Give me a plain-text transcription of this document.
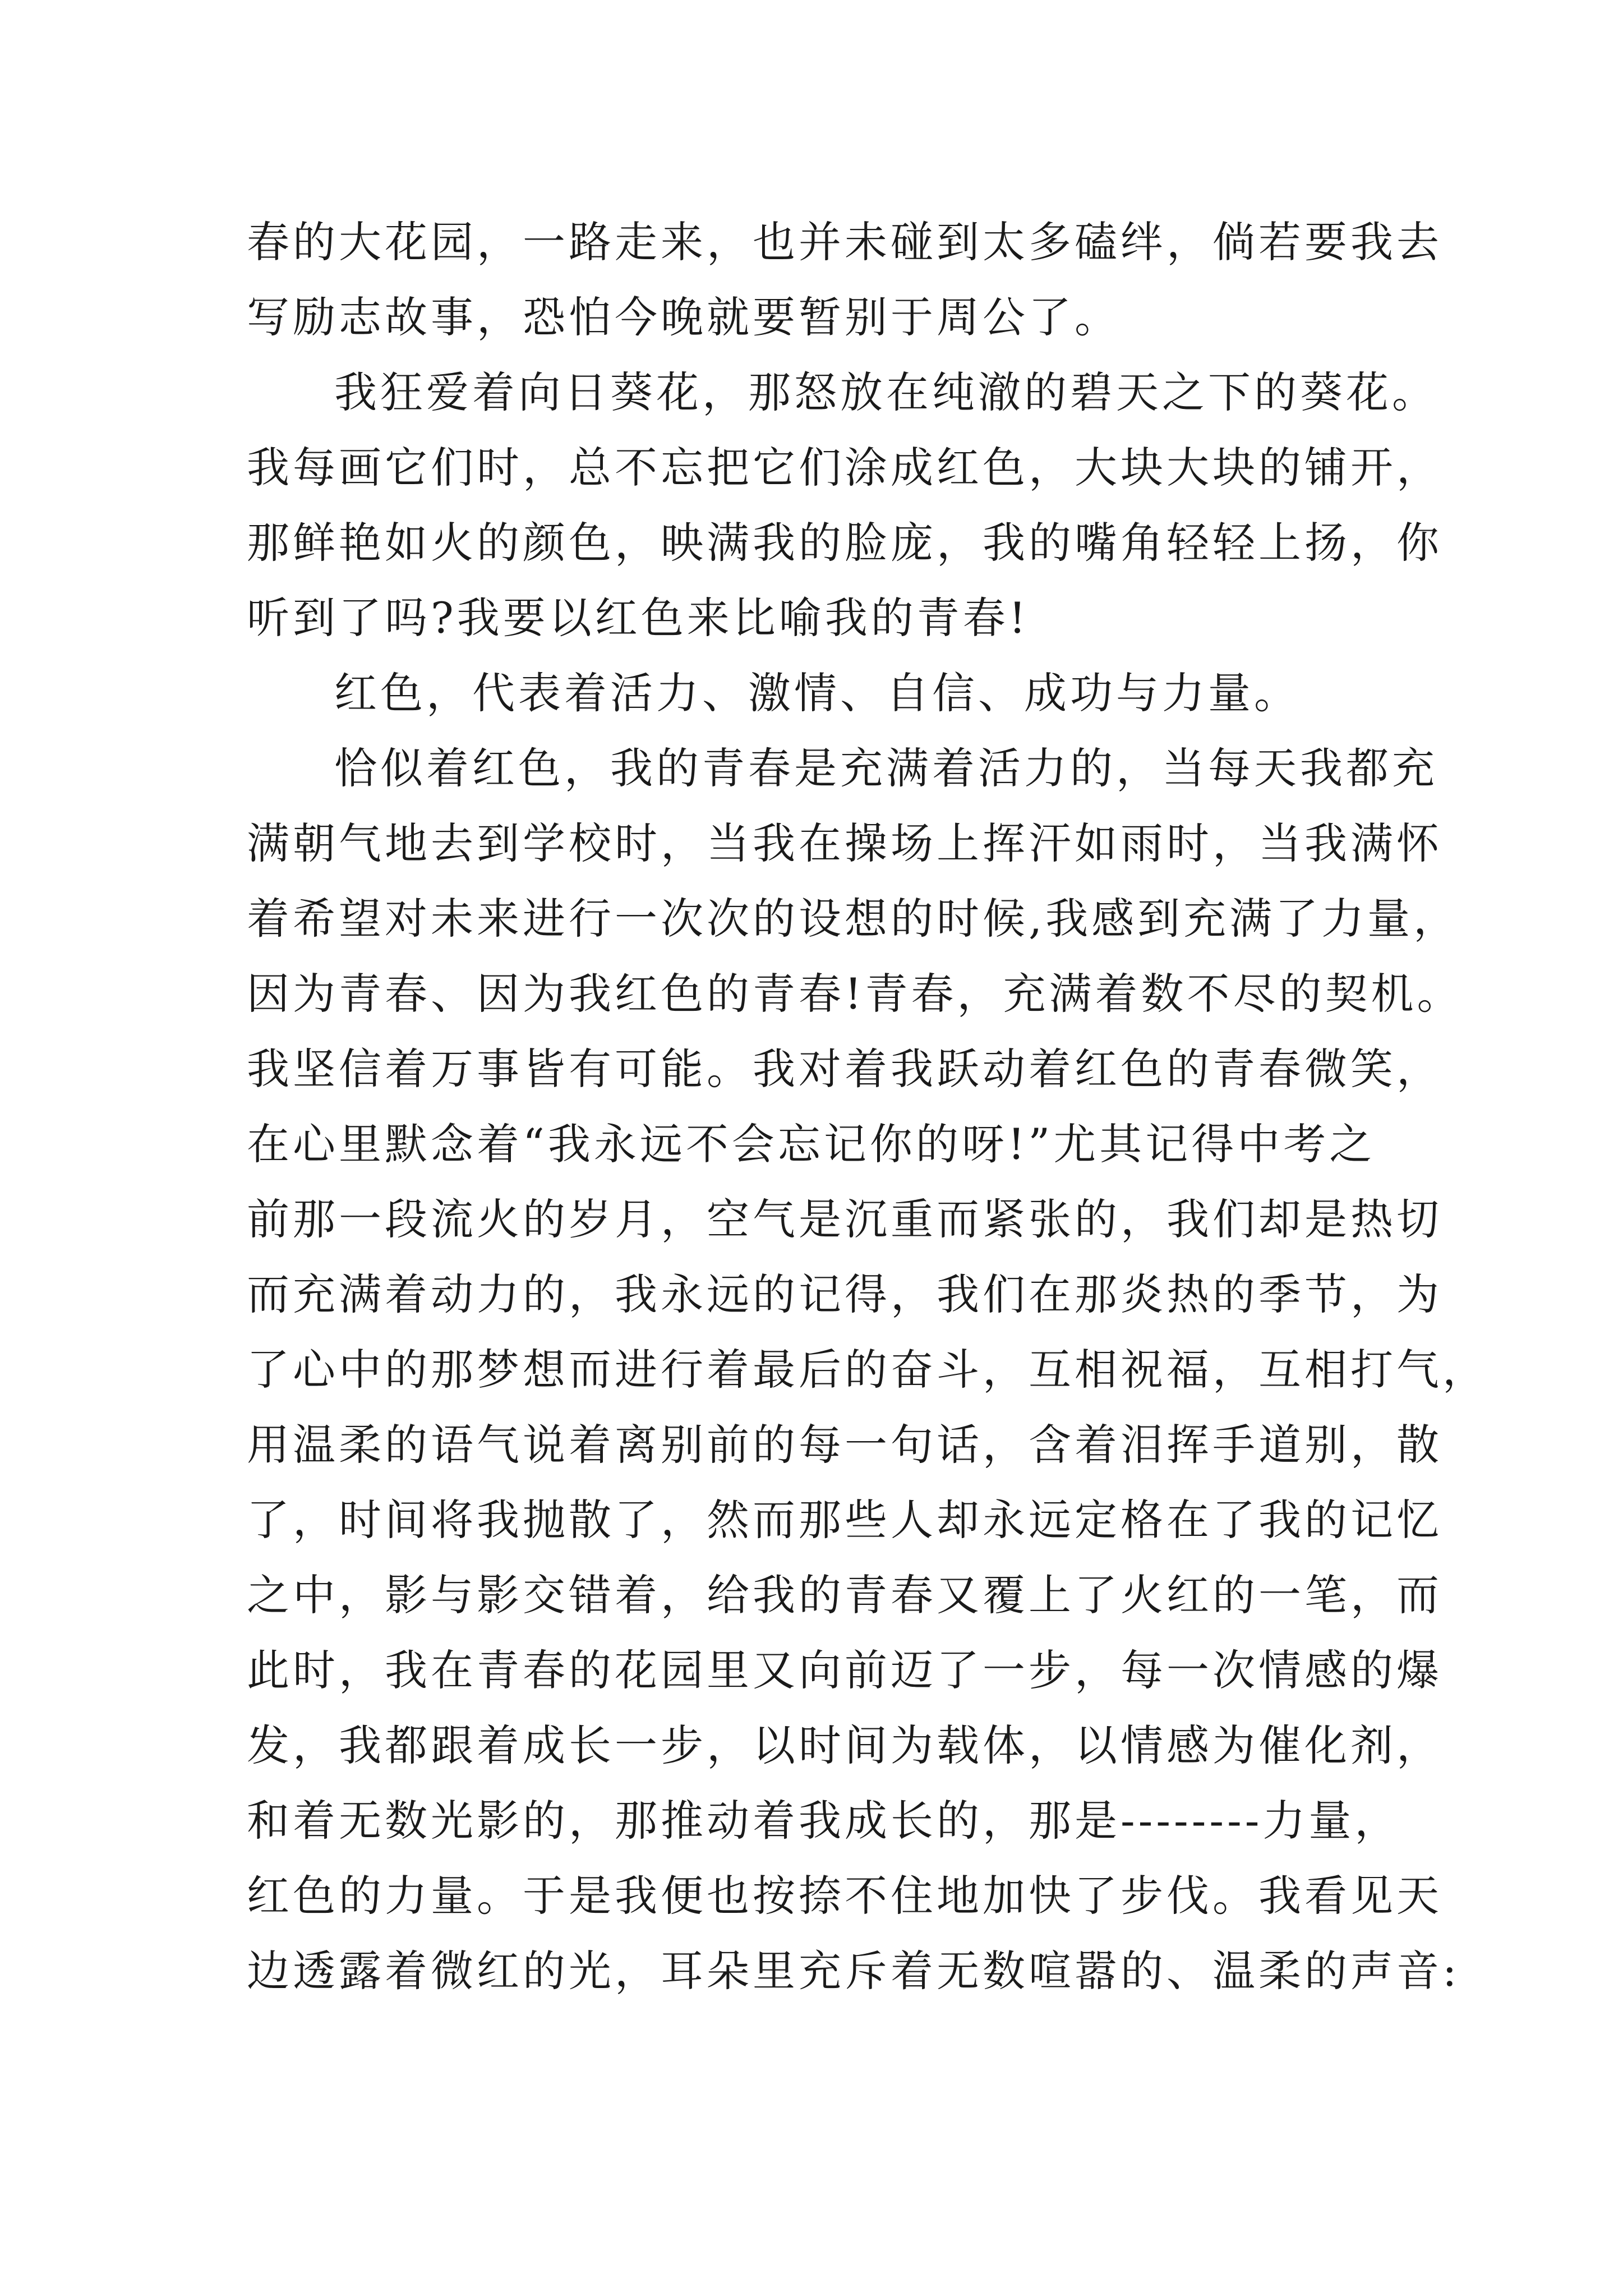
春的大花园，一路走来，也并未碰到太多磕绊，倘若要我去
写励志故事，恐怕今晚就要暂别于周公了。
我狂爱着向日葵花，那怒放在纯澈的碧天之下的葵花。
我每画它们时，总不忘把它们涂成红色，大块大块的铺开，
那鲜艳如火的颜色，映满我的脸庞，我的嘴角轻轻上扬，你
听到了吗?我要以红色来比喻我的青春!
红色，代表着活力、激情、自信、成功与力量。
恰似着红色，我的青春是充满着活力的，当每天我都充
满朝气地去到学校时，当我在操场上挥汗如雨时，当我满怀
着希望对未来进行一次次的设想的时候,我感到充满了力量，
因为青春、因为我红色的青春!青春，充满着数不尽的契机。
我坚信着万事皆有可能。我对着我跃动着红色的青春微笑，
在心里默念着“我永远不会忘记你的呀!”尤其记得中考之
前那一段流火的岁月，空气是沉重而紧张的，我们却是热切
而充满着动力的，我永远的记得，我们在那炎热的季节，为
了心中的那梦想而进行着最后的奋斗，互相祝福，互相打气，
用温柔的语气说着离别前的每一句话，含着泪挥手道别，散
了，时间将我抛散了，然而那些人却永远定格在了我的记忆
之中，影与影交错着，给我的青春又覆上了火红的一笔，而
此时，我在青春的花园里又向前迈了一步，每一次情感的爆
发，我都跟着成长一步，以时间为载体，以情感为催化剂，
和着无数光影的，那推动着我成长的，那是--------力量，
红色的力量。于是我便也按捺不住地加快了步伐。我看见天
边透露着微红的光，耳朵里充斥着无数喧嚣的、温柔的声音:
